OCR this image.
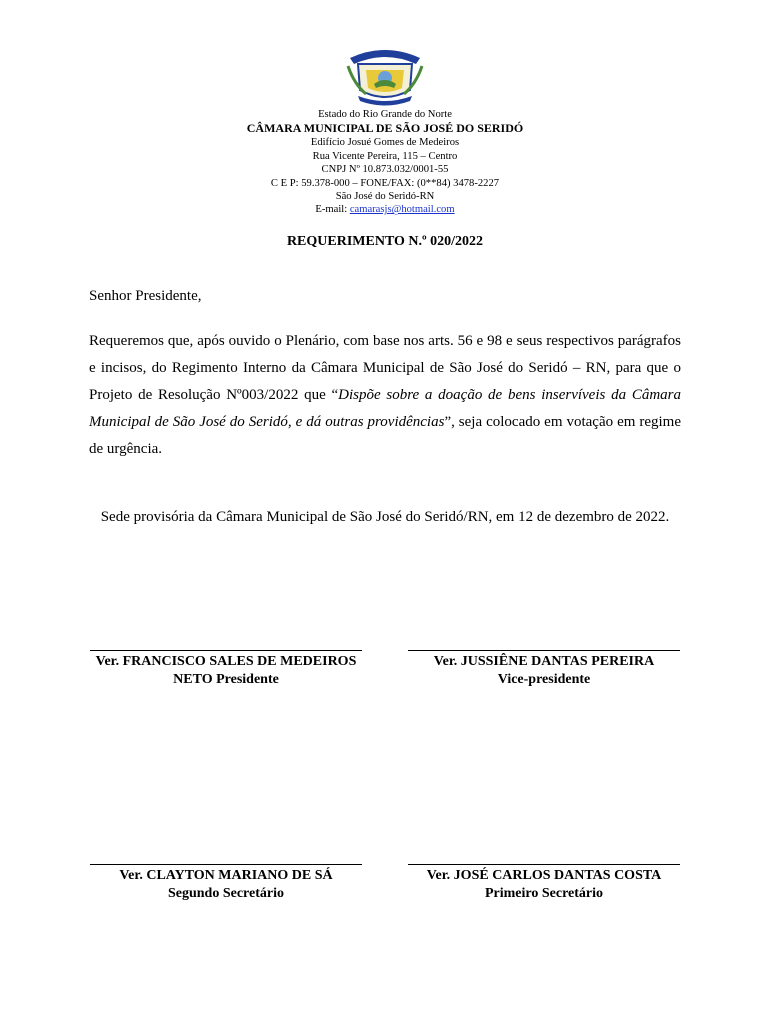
Estado do Rio Grande do Norte
CÂMARA MUNICIPAL DE SÃO JOSÉ DO SERIDÓ
Edifício Josué Gomes de Medeiros
Rua Vicente Pereira, 115 – Centro
CNPJ Nº 10.873.032/0001-55
C E P: 59.378-000 – FONE/FAX: (0**84) 3478-2227
São José do Seridó-RN
E-mail: camarasjs@hotmail.com
REQUERIMENTO N.º 020/2022
Senhor Presidente,
Requeremos que, após ouvido o Plenário, com base nos arts. 56 e 98 e seus respectivos parágrafos e incisos, do Regimento Interno da Câmara Municipal de São José do Seridó – RN, para que o Projeto de Resolução Nº003/2022 que “Dispõe sobre a doação de bens inservíveis da Câmara Municipal de São José do Seridó, e dá outras providências”, seja colocado em votação em regime de urgência.
Sede provisória da Câmara Municipal de São José do Seridó/RN, em 12 de dezembro de 2022.
Ver. FRANCISCO SALES DE MEDEIROS NETO Presidente
Ver. JUSSIÊNE DANTAS PEREIRA
Vice-presidente
Ver. CLAYTON MARIANO DE SÁ
Segundo Secretário
Ver. JOSÉ CARLOS DANTAS COSTA
Primeiro Secretário
